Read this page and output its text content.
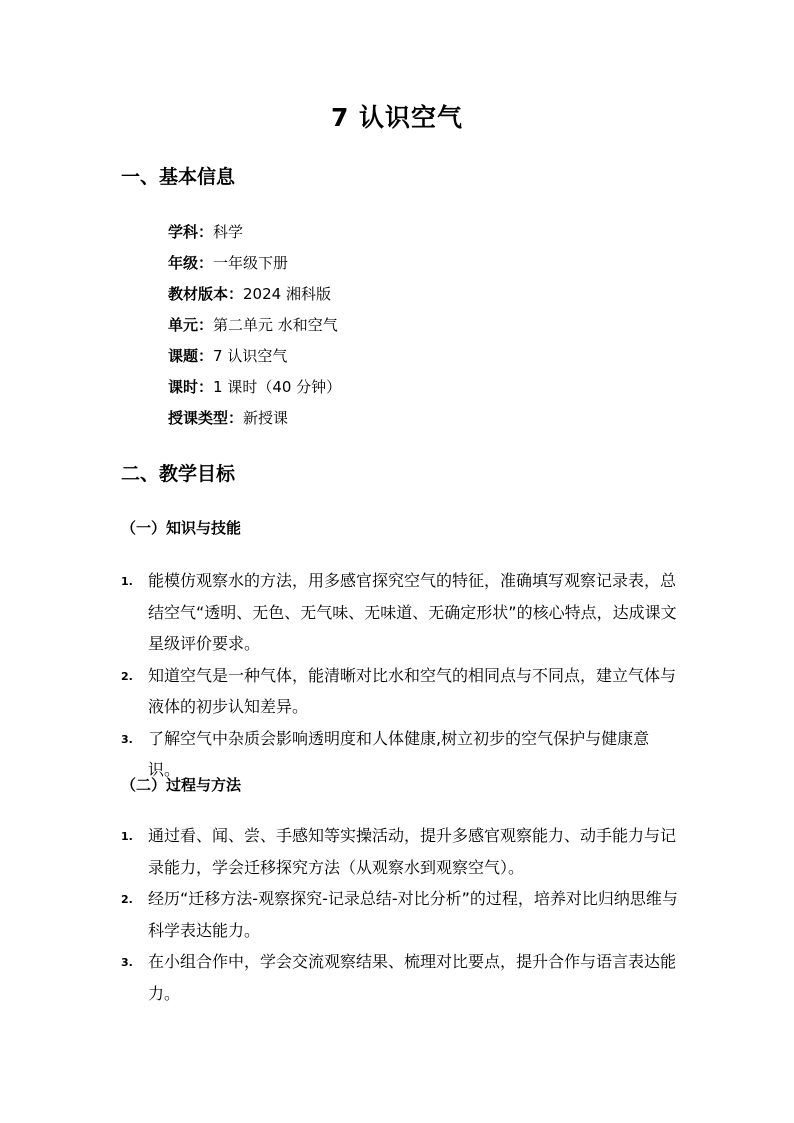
7 认识空气
一、基本信息
学科：科学
年级：一年级下册
教材版本：2024 湘科版
单元：第二单元 水和空气
课题：7 认识空气
课时：1 课时（40 分钟）
授课类型：新授课
二、教学目标
（一）知识与技能
1. 能模仿观察水的方法，用多感官探究空气的特征，准确填写观察记录表，总结空气“透明、无色、无气味、无味道、无确定形状”的核心特点，达成课文星级评价要求。
2. 知道空气是一种气体，能清晰对比水和空气的相同点与不同点，建立气体与液体的初步认知差异。
3. 了解空气中杂质会影响透明度和人体健康,树立初步的空气保护与健康意识。
（二）过程与方法
1. 通过看、闻、尝、手感知等实操活动，提升多感官观察能力、动手能力与记录能力，学会迁移探究方法（从观察水到观察空气）。
2. 经历“迁移方法-观察探究-记录总结-对比分析”的过程，培养对比归纳思维与科学表达能力。
3. 在小组合作中，学会交流观察结果、梳理对比要点，提升合作与语言表达能力。
